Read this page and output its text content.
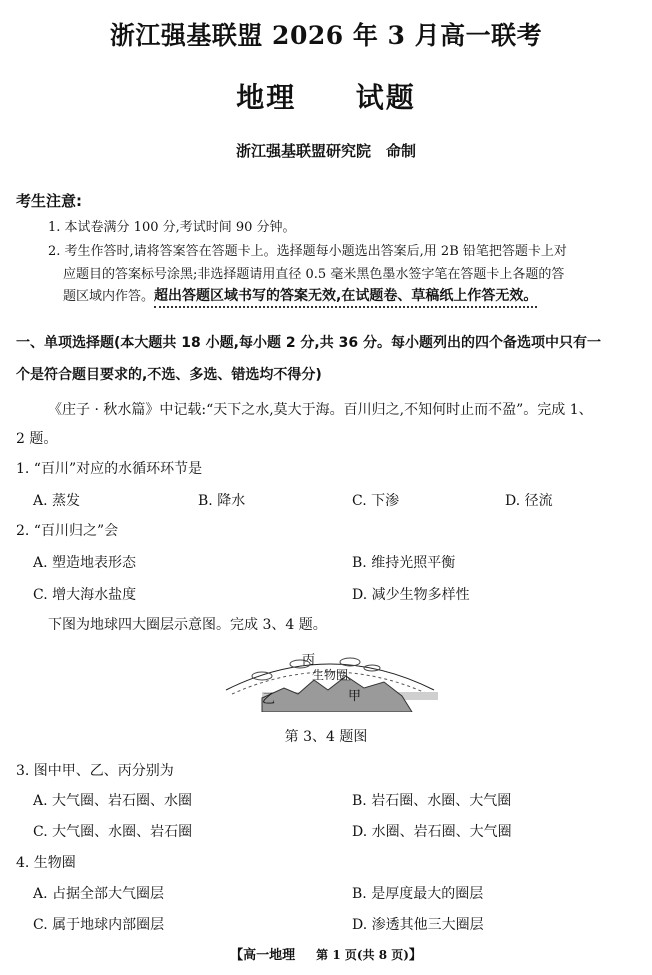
浙江强基联盟 2026 年 3 月高一联考
地理 试题
浙江强基联盟研究院　命制
考生注意:
1. 本试卷满分 100 分,考试时间 90 分钟。
2. 考生作答时,请将答案答在答题卡上。选择题每小题选出答案后,用 2B 铅笔把答题卡上对
应题目的答案标号涂黑;非选择题请用直径 0.5 毫米黑色墨水签字笔在答题卡上各题的答
题区域内作答。超出答题区域书写的答案无效,在试题卷、草稿纸上作答无效。
一、单项选择题(本大题共 18 小题,每小题 2 分,共 36 分。每小题列出的四个备选项中只有一
个是符合题目要求的,不选、多选、错选均不得分)
《庄子 · 秋水篇》中记载:“天下之水,莫大于海。百川归之,不知何时止而不盈”。完成 1、
2 题。
1. “百川”对应的水循环环节是
A. 蒸发	B. 降水	C. 下渗	D. 径流
2. “百川归之”会
A. 塑造地表形态	B. 维持光照平衡
C. 增大海水盐度	D. 减少生物多样性
下图为地球四大圈层示意图。完成 3、4 题。
丙
生物圈
乙	甲
第 3、4 题图
3. 图中甲、乙、丙分别为
A. 大气圈、岩石圈、水圈	B. 岩石圈、水圈、大气圈
C. 大气圈、水圈、岩石圈	D. 水圈、岩石圈、大气圈
4. 生物圈
A. 占据全部大气圈层	B. 是厚度最大的圈层
C. 属于地球内部圈层	D. 渗透其他三大圈层
【高一地理 第 1 页(共 8 页)】
